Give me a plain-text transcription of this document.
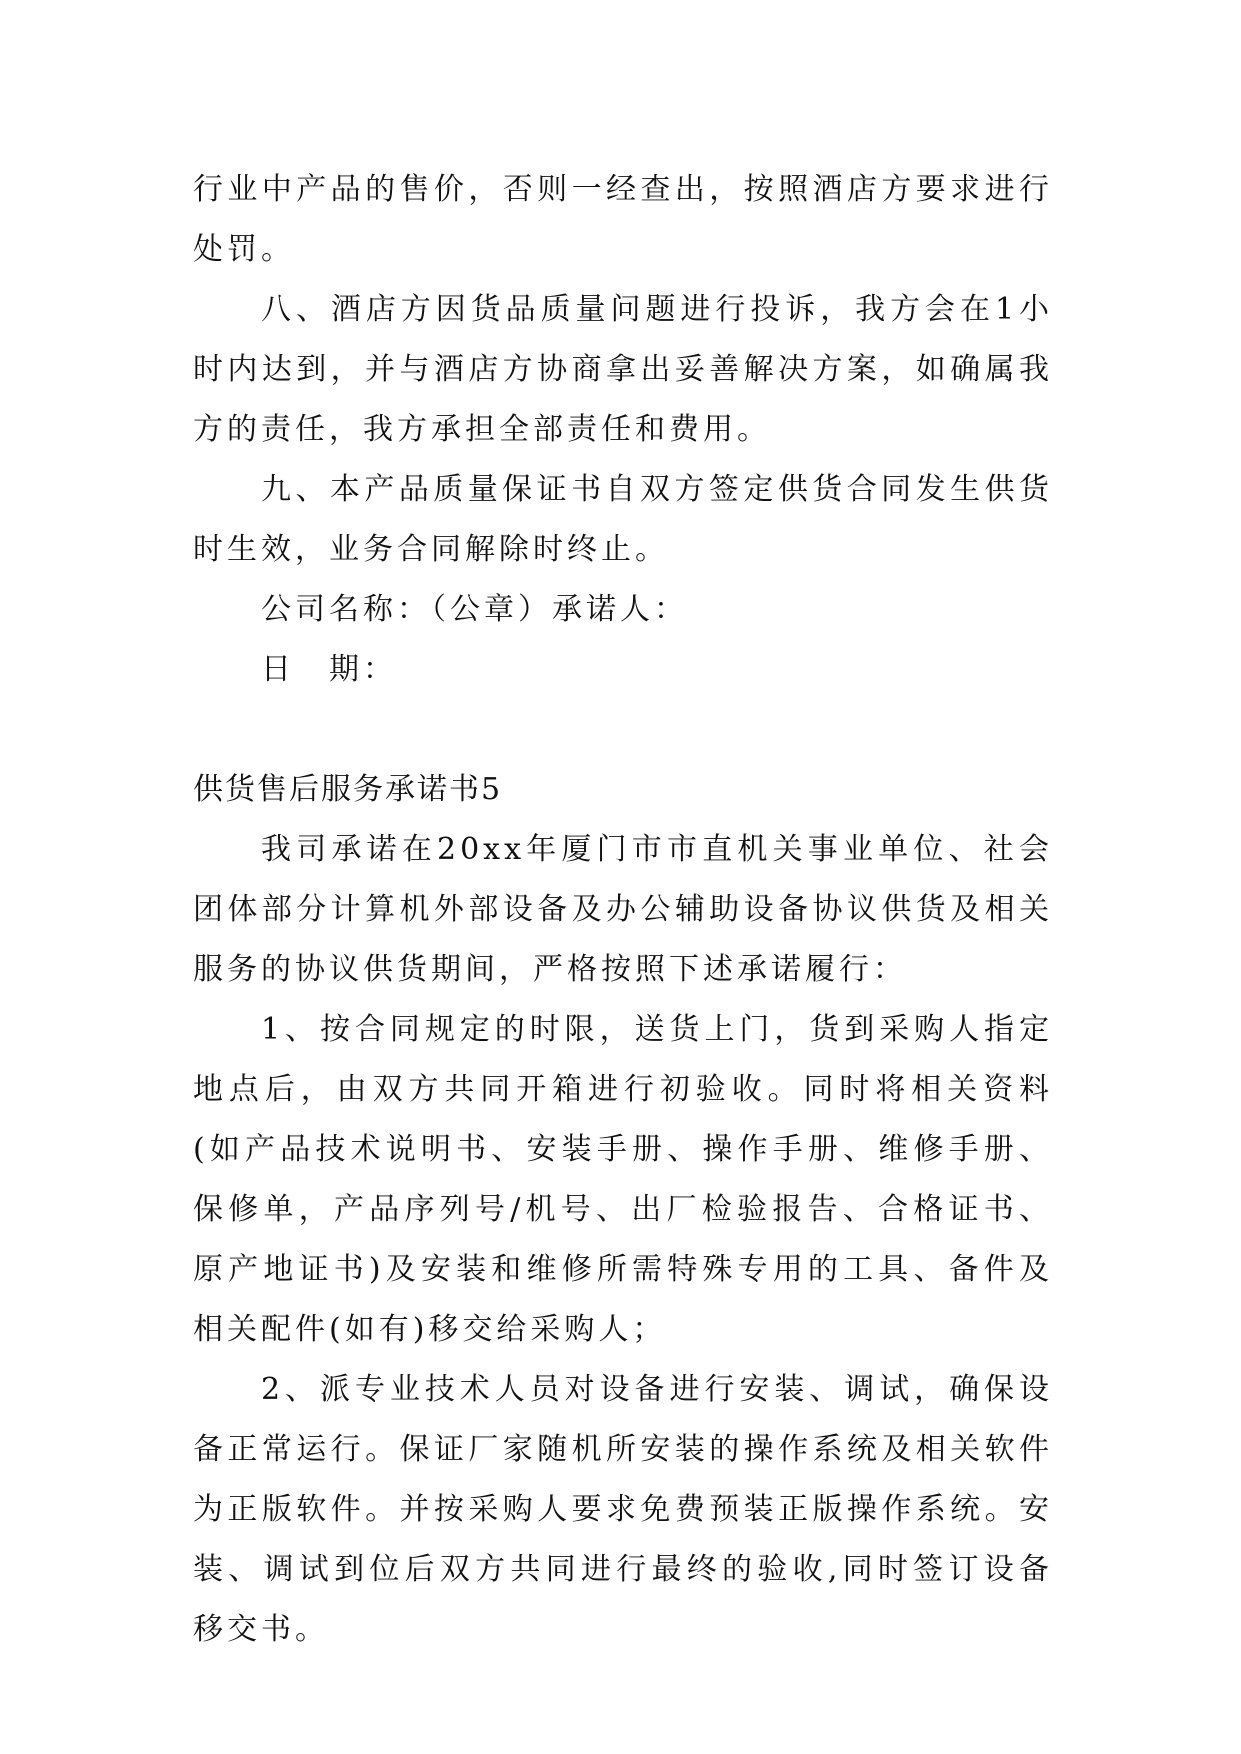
行业中产品的售价，否则一经查出，按照酒店方要求进行处罚。

八、酒店方因货品质量问题进行投诉，我方会在1小时内达到，并与酒店方协商拿出妥善解决方案，如确属我方的责任，我方承担全部责任和费用。

九、本产品质量保证书自双方签定供货合同发生供货时生效，业务合同解除时终止。

公司名称：（公章）承诺人：

日　期：

供货售后服务承诺书5

我司承诺在20xx年厦门市市直机关事业单位、社会团体部分计算机外部设备及办公辅助设备协议供货及相关服务的协议供货期间，严格按照下述承诺履行：

1、按合同规定的时限，送货上门，货到采购人指定地点后，由双方共同开箱进行初验收。同时将相关资料(如产品技术说明书、安装手册、操作手册、维修手册、保修单，产品序列号/机号、出厂检验报告、合格证书、原产地证书)及安装和维修所需特殊专用的工具、备件及相关配件(如有)移交给采购人；

2、派专业技术人员对设备进行安装、调试，确保设备正常运行。保证厂家随机所安装的操作系统及相关软件为正版软件。并按采购人要求免费预装正版操作系统。安装、调试到位后双方共同进行最终的验收,同时签订设备移交书。
